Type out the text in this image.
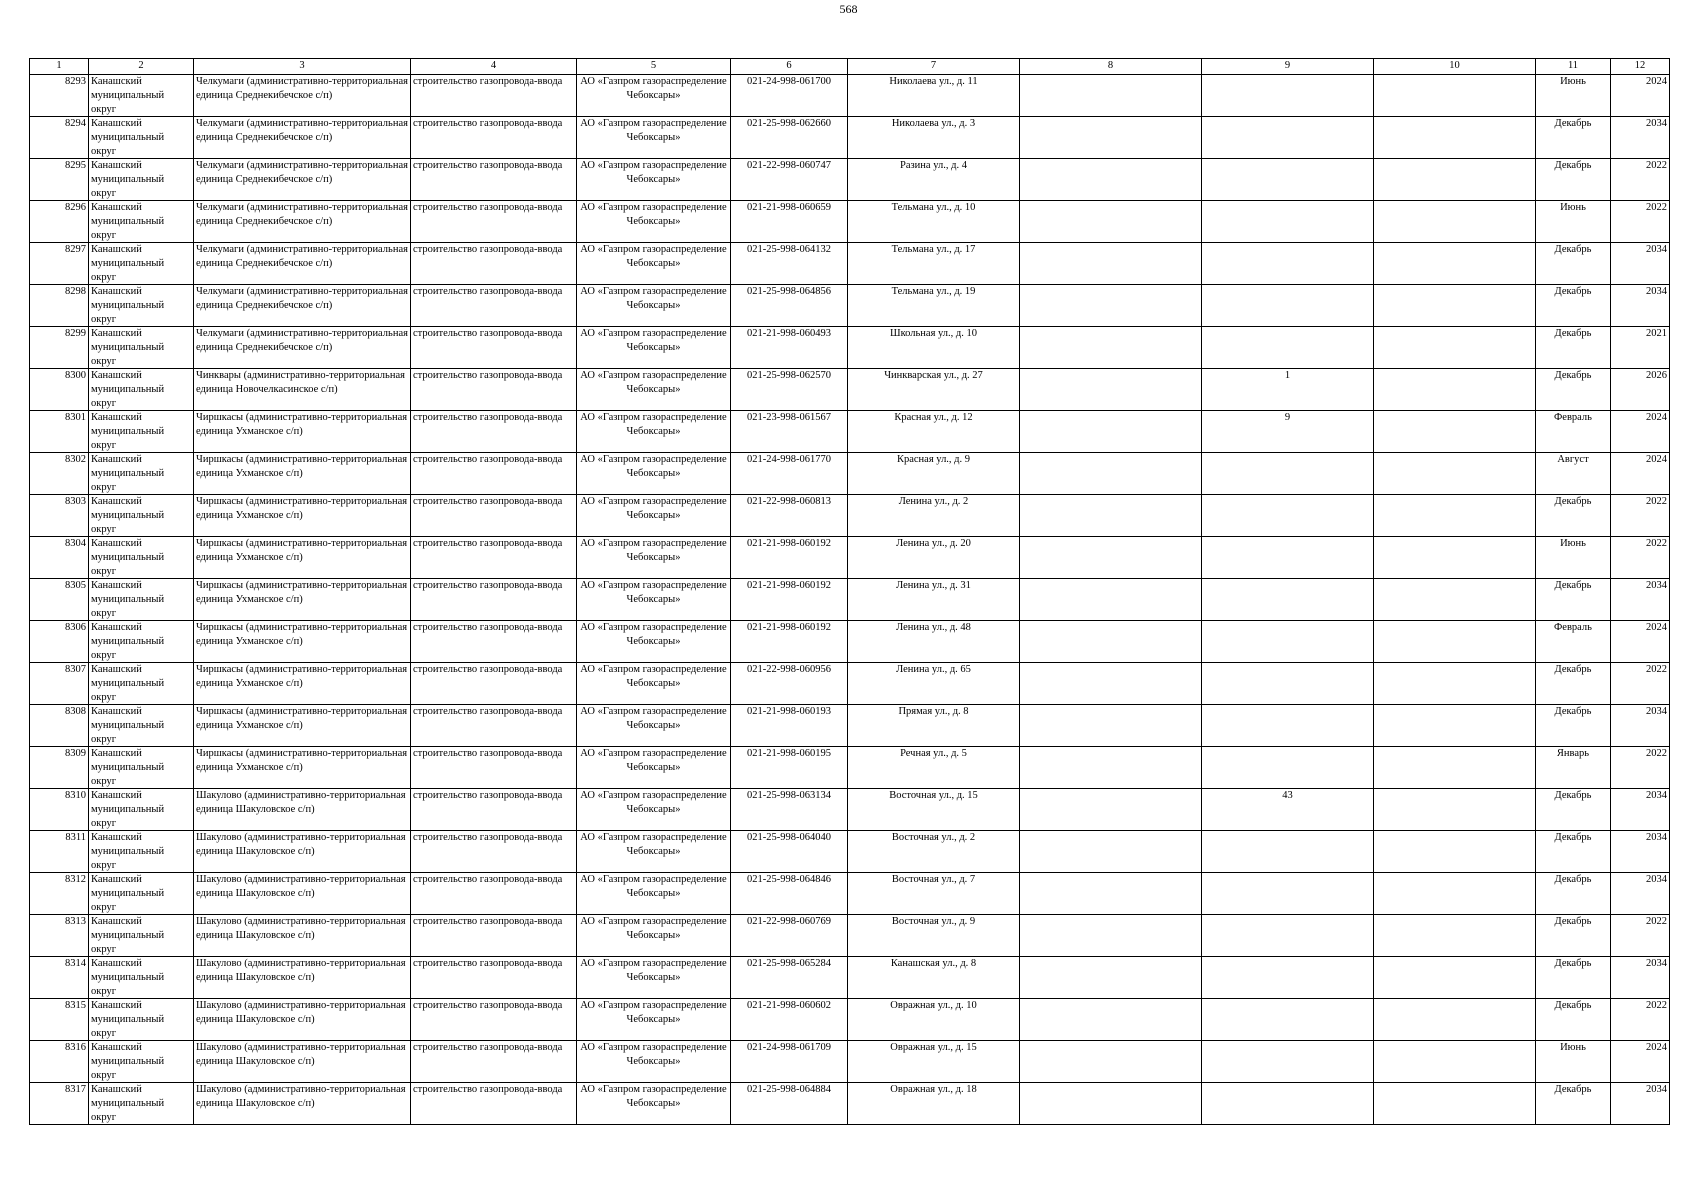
568
1	2	3	4	5	6	7	8	9	10	11	12

8293	Канашский муниципальный округ	Челкумаги (административно-территориальная единица Среднекибечское с/п)	строительство газопровода-ввода	АО «Газпром газораспределение Чебоксары»	021-24-998-061700	Николаева ул., д. 11				Июнь	2024

8294	Канашский муниципальный округ	Челкумаги (административно-территориальная единица Среднекибечское с/п)	строительство газопровода-ввода	АО «Газпром газораспределение Чебоксары»	021-25-998-062660	Николаева ул., д. 3				Декабрь	2034

8295	Канашский муниципальный округ	Челкумаги (административно-территориальная единица Среднекибечское с/п)	строительство газопровода-ввода	АО «Газпром газораспределение Чебоксары»	021-22-998-060747	Разина ул., д. 4				Декабрь	2022

8296	Канашский муниципальный округ	Челкумаги (административно-территориальная единица Среднекибечское с/п)	строительство газопровода-ввода	АО «Газпром газораспределение Чебоксары»	021-21-998-060659	Тельмана ул., д. 10				Июнь	2022

8297	Канашский муниципальный округ	Челкумаги (административно-территориальная единица Среднекибечское с/п)	строительство газопровода-ввода	АО «Газпром газораспределение Чебоксары»	021-25-998-064132	Тельмана ул., д. 17				Декабрь	2034

8298	Канашский муниципальный округ	Челкумаги (административно-территориальная единица Среднекибечское с/п)	строительство газопровода-ввода	АО «Газпром газораспределение Чебоксары»	021-25-998-064856	Тельмана ул., д. 19				Декабрь	2034

8299	Канашский муниципальный округ	Челкумаги (административно-территориальная единица Среднекибечское с/п)	строительство газопровода-ввода	АО «Газпром газораспределение Чебоксары»	021-21-998-060493	Школьная ул., д. 10				Декабрь	2021

8300	Канашский муниципальный округ	Чинквары (административно-территориальная единица Новочелкасинское с/п)	строительство газопровода-ввода	АО «Газпром газораспределение Чебоксары»	021-25-998-062570	Чинкварская ул., д. 27		1		Декабрь	2026

8301	Канашский муниципальный округ	Чиршкасы (административно-территориальная единица Ухманское с/п)	строительство газопровода-ввода	АО «Газпром газораспределение Чебоксары»	021-23-998-061567	Красная ул., д. 12		9		Февраль	2024

8302	Канашский муниципальный округ	Чиршкасы (административно-территориальная единица Ухманское с/п)	строительство газопровода-ввода	АО «Газпром газораспределение Чебоксары»	021-24-998-061770	Красная ул., д. 9				Август	2024

8303	Канашский муниципальный округ	Чиршкасы (административно-территориальная единица Ухманское с/п)	строительство газопровода-ввода	АО «Газпром газораспределение Чебоксары»	021-22-998-060813	Ленина ул., д. 2				Декабрь	2022

8304	Канашский муниципальный округ	Чиршкасы (административно-территориальная единица Ухманское с/п)	строительство газопровода-ввода	АО «Газпром газораспределение Чебоксары»	021-21-998-060192	Ленина ул., д. 20				Июнь	2022

8305	Канашский муниципальный округ	Чиршкасы (административно-территориальная единица Ухманское с/п)	строительство газопровода-ввода	АО «Газпром газораспределение Чебоксары»	021-21-998-060192	Ленина ул., д. 31				Декабрь	2034

8306	Канашский муниципальный округ	Чиршкасы (административно-территориальная единица Ухманское с/п)	строительство газопровода-ввода	АО «Газпром газораспределение Чебоксары»	021-21-998-060192	Ленина ул., д. 48				Февраль	2024

8307	Канашский муниципальный округ	Чиршкасы (административно-территориальная единица Ухманское с/п)	строительство газопровода-ввода	АО «Газпром газораспределение Чебоксары»	021-22-998-060956	Ленина ул., д. 65				Декабрь	2022

8308	Канашский муниципальный округ	Чиршкасы (административно-территориальная единица Ухманское с/п)	строительство газопровода-ввода	АО «Газпром газораспределение Чебоксары»	021-21-998-060193	Прямая ул., д. 8				Декабрь	2034

8309	Канашский муниципальный округ	Чиршкасы (административно-территориальная единица Ухманское с/п)	строительство газопровода-ввода	АО «Газпром газораспределение Чебоксары»	021-21-998-060195	Речная ул., д. 5				Январь	2022

8310	Канашский муниципальный округ	Шакулово (административно-территориальная единица Шакуловское с/п)	строительство газопровода-ввода	АО «Газпром газораспределение Чебоксары»	021-25-998-063134	Восточная ул., д. 15		43		Декабрь	2034

8311	Канашский муниципальный округ	Шакулово (административно-территориальная единица Шакуловское с/п)	строительство газопровода-ввода	АО «Газпром газораспределение Чебоксары»	021-25-998-064040	Восточная ул., д. 2				Декабрь	2034

8312	Канашский муниципальный округ	Шакулово (административно-территориальная единица Шакуловское с/п)	строительство газопровода-ввода	АО «Газпром газораспределение Чебоксары»	021-25-998-064846	Восточная ул., д. 7				Декабрь	2034

8313	Канашский муниципальный округ	Шакулово (административно-территориальная единица Шакуловское с/п)	строительство газопровода-ввода	АО «Газпром газораспределение Чебоксары»	021-22-998-060769	Восточная ул., д. 9				Декабрь	2022

8314	Канашский муниципальный округ	Шакулово (административно-территориальная единица Шакуловское с/п)	строительство газопровода-ввода	АО «Газпром газораспределение Чебоксары»	021-25-998-065284	Канашская ул., д. 8				Декабрь	2034

8315	Канашский муниципальный округ	Шакулово (административно-территориальная единица Шакуловское с/п)	строительство газопровода-ввода	АО «Газпром газораспределение Чебоксары»	021-21-998-060602	Овражная ул., д. 10				Декабрь	2022

8316	Канашский муниципальный округ	Шакулово (административно-территориальная единица Шакуловское с/п)	строительство газопровода-ввода	АО «Газпром газораспределение Чебоксары»	021-24-998-061709	Овражная ул., д. 15				Июнь	2024

8317	Канашский муниципальный округ	Шакулово (административно-территориальная единица Шакуловское с/п)	строительство газопровода-ввода	АО «Газпром газораспределение Чебоксары»	021-25-998-064884	Овражная ул., д. 18				Декабрь	2034
